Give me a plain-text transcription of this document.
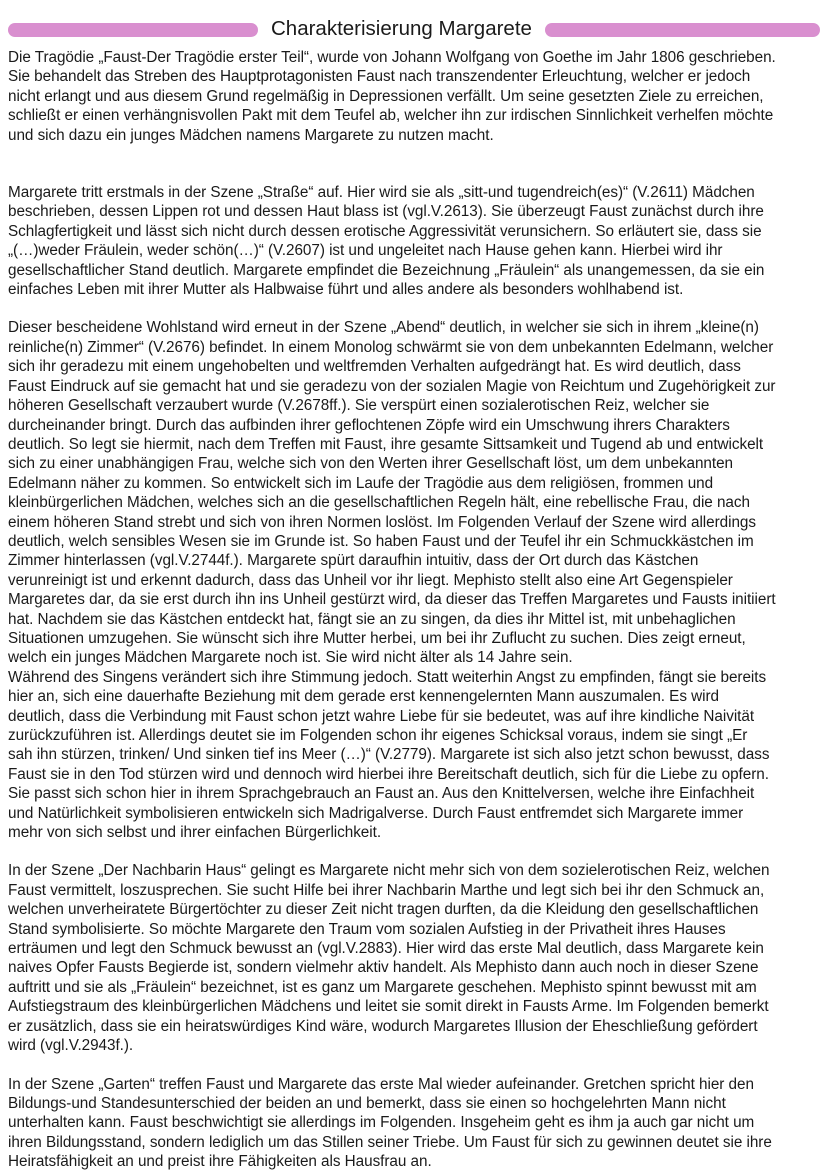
Charakterisierung Margarete

Die Tragödie „Faust-Der Tragödie erster Teil“, wurde von Johann Wolfgang von Goethe im Jahr 1806 geschrieben.
Sie behandelt das Streben des Hauptprotagonisten Faust nach transzendenter Erleuchtung, welcher er jedoch
nicht erlangt und aus diesem Grund regelmäßig in Depressionen verfällt. Um seine gesetzten Ziele zu erreichen,
schließt er einen verhängnisvollen Pakt mit dem Teufel ab, welcher ihn zur irdischen Sinnlichkeit verhelfen möchte
und sich dazu ein junges Mädchen namens Margarete zu nutzen macht.

Margarete tritt erstmals in der Szene „Straße“ auf. Hier wird sie als „sitt-und tugendreich(es)“ (V.2611) Mädchen
beschrieben, dessen Lippen rot und dessen Haut blass ist (vgl.V.2613). Sie überzeugt Faust zunächst durch ihre
Schlagfertigkeit und lässt sich nicht durch dessen erotische Aggressivität verunsichern. So erläutert sie, dass sie
„(…)weder Fräulein, weder schön(…)“ (V.2607) ist und ungeleitet nach Hause gehen kann. Hierbei wird ihr
gesellschaftlicher Stand deutlich. Margarete empfindet die Bezeichnung „Fräulein“ als unangemessen, da sie ein
einfaches Leben mit ihrer Mutter als Halbwaise führt und alles andere als besonders wohlhabend ist.

Dieser bescheidene Wohlstand wird erneut in der Szene „Abend“ deutlich, in welcher sie sich in ihrem „kleine(n)
reinliche(n) Zimmer“ (V.2676) befindet. In einem Monolog schwärmt sie von dem unbekannten Edelmann, welcher
sich ihr geradezu mit einem ungehobelten und weltfremden Verhalten aufgedrängt hat. Es wird deutlich, dass
Faust Eindruck auf sie gemacht hat und sie geradezu von der sozialen Magie von Reichtum und Zugehörigkeit zur
höheren Gesellschaft verzaubert wurde (V.2678ff.). Sie verspürt einen sozialerotischen Reiz, welcher sie
durcheinander bringt. Durch das aufbinden ihrer geflochtenen Zöpfe wird ein Umschwung ihrers Charakters
deutlich. So legt sie hiermit, nach dem Treffen mit Faust, ihre gesamte Sittsamkeit und Tugend ab und entwickelt
sich zu einer unabhängigen Frau, welche sich von den Werten ihrer Gesellschaft löst, um dem unbekannten
Edelmann näher zu kommen. So entwickelt sich im Laufe der Tragödie aus dem religiösen, frommen und
kleinbürgerlichen Mädchen, welches sich an die gesellschaftlichen Regeln hält, eine rebellische Frau, die nach
einem höheren Stand strebt und sich von ihren Normen loslöst. Im Folgenden Verlauf der Szene wird allerdings
deutlich, welch sensibles Wesen sie im Grunde ist. So haben Faust und der Teufel ihr ein Schmuckkästchen im
Zimmer hinterlassen (vgl.V.2744f.). Margarete spürt daraufhin intuitiv, dass der Ort durch das Kästchen
verunreinigt ist und erkennt dadurch, dass das Unheil vor ihr liegt. Mephisto stellt also eine Art Gegenspieler
Margaretes dar, da sie erst durch ihn ins Unheil gestürzt wird, da dieser das Treffen Margaretes und Fausts initiiert
hat. Nachdem sie das Kästchen entdeckt hat, fängt sie an zu singen, da dies ihr Mittel ist, mit unbehaglichen
Situationen umzugehen. Sie wünscht sich ihre Mutter herbei, um bei ihr Zuflucht zu suchen. Dies zeigt erneut,
welch ein junges Mädchen Margarete noch ist. Sie wird nicht älter als 14 Jahre sein.

Während des Singens verändert sich ihre Stimmung jedoch. Statt weiterhin Angst zu empfinden, fängt sie bereits
hier an, sich eine dauerhafte Beziehung mit dem gerade erst kennengelernten Mann auszumalen. Es wird
deutlich, dass die Verbindung mit Faust schon jetzt wahre Liebe für sie bedeutet, was auf ihre kindliche Naivität
zurückzuführen ist. Allerdings deutet sie im Folgenden schon ihr eigenes Schicksal voraus, indem sie singt „Er
sah ihn stürzen, trinken/ Und sinken tief ins Meer (…)“ (V.2779). Margarete ist sich also jetzt schon bewusst, dass
Faust sie in den Tod stürzen wird und dennoch wird hierbei ihre Bereitschaft deutlich, sich für die Liebe zu opfern.
Sie passt sich schon hier in ihrem Sprachgebrauch an Faust an. Aus den Knittelversen, welche ihre Einfachheit
und Natürlichkeit symbolisieren entwickeln sich Madrigalverse. Durch Faust entfremdet sich Margarete immer
mehr von sich selbst und ihrer einfachen Bürgerlichkeit.

In der Szene „Der Nachbarin Haus“ gelingt es Margarete nicht mehr sich von dem sozielerotischen Reiz, welchen
Faust vermittelt, loszusprechen. Sie sucht Hilfe bei ihrer Nachbarin Marthe und legt sich bei ihr den Schmuck an,
welchen unverheiratete Bürgertöchter zu dieser Zeit nicht tragen durften, da die Kleidung den gesellschaftlichen
Stand symbolisierte. So möchte Margarete den Traum vom sozialen Aufstieg in der Privatheit ihres Hauses
erträumen und legt den Schmuck bewusst an (vgl.V.2883). Hier wird das erste Mal deutlich, dass Margarete kein
naives Opfer Fausts Begierde ist, sondern vielmehr aktiv handelt. Als Mephisto dann auch noch in dieser Szene
auftritt und sie als „Fräulein“ bezeichnet, ist es ganz um Margarete geschehen. Mephisto spinnt bewusst mit am
Aufstiegstraum des kleinbürgerlichen Mädchens und leitet sie somit direkt in Fausts Arme. Im Folgenden bemerkt
er zusätzlich, dass sie ein heiratswürdiges Kind wäre, wodurch Margaretes Illusion der Eheschließung gefördert
wird (vgl.V.2943f.).

In der Szene „Garten“ treffen Faust und Margarete das erste Mal wieder aufeinander. Gretchen spricht hier den
Bildungs-und Standesunterschied der beiden an und bemerkt, dass sie einen so hochgelehrten Mann nicht
unterhalten kann. Faust beschwichtigt sie allerdings im Folgenden. Insgeheim geht es ihm ja auch gar nicht um
ihren Bildungsstand, sondern lediglich um das Stillen seiner Triebe. Um Faust für sich zu gewinnen deutet sie ihre
Heiratsfähigkeit an und preist ihre Fähigkeiten als Hausfrau an.
